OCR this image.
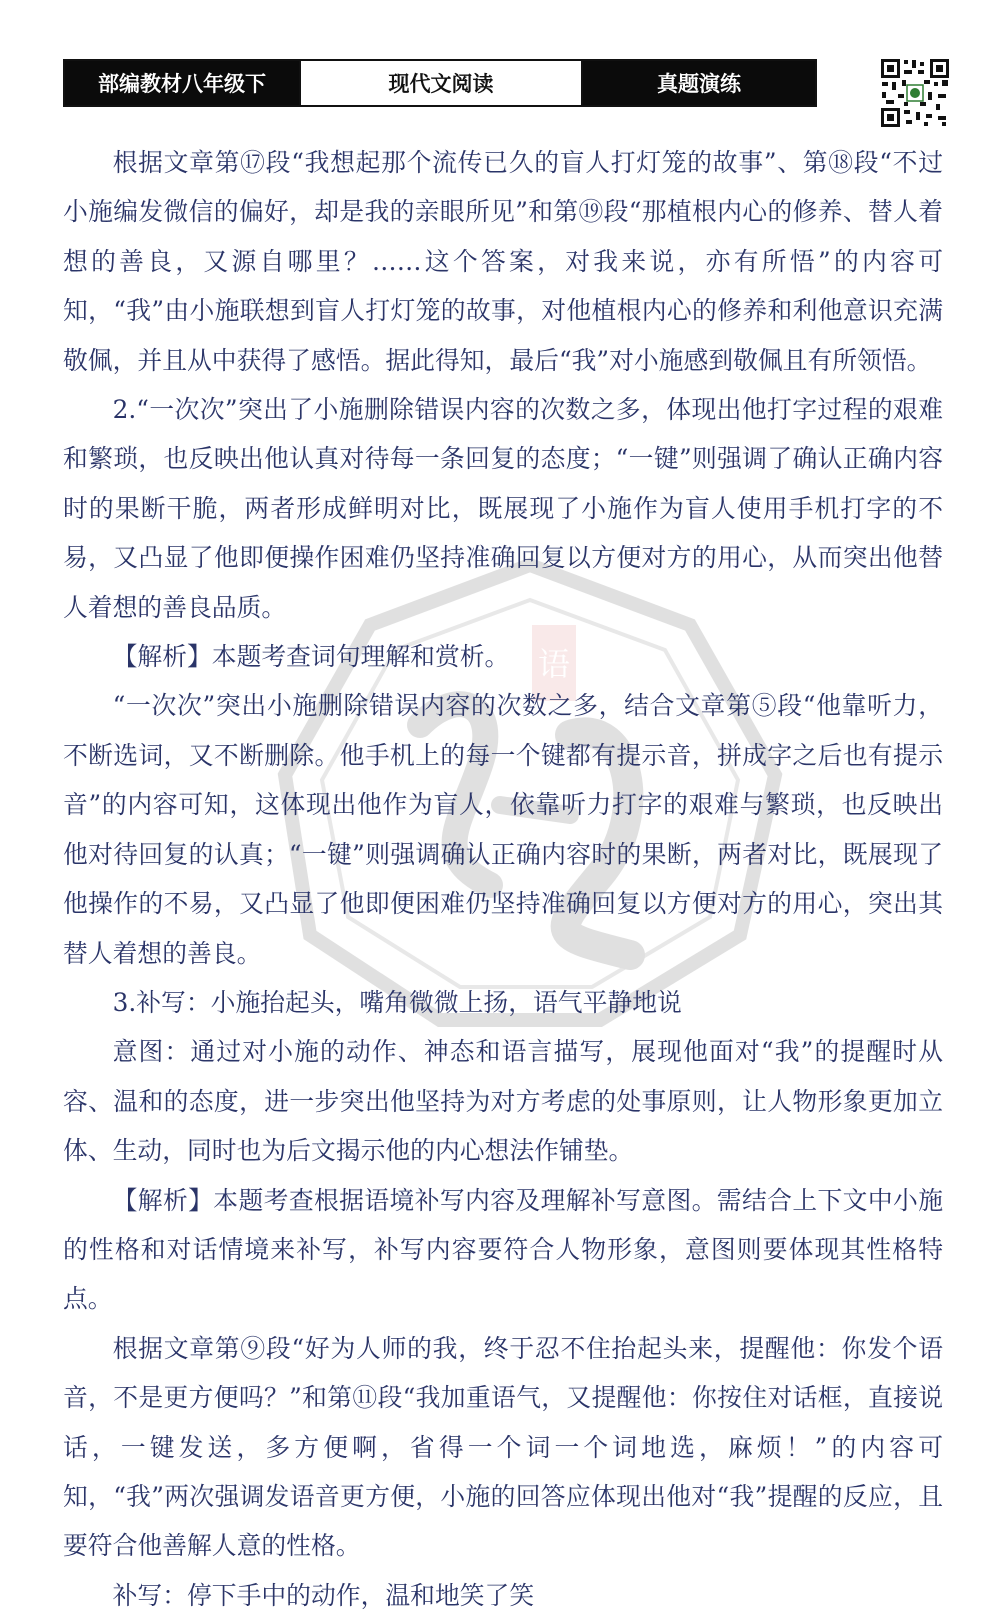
部编教材八年级下	现代文阅读	真题演练
语

根据文章第⑰段“我想起那个流传已久的盲人打灯笼的故事”、第⑱段“不过小施编发微信的偏好，却是我的亲眼所见”和第⑲段“那植根内心的修养、替人着想的善良，又源自哪里？……这个答案，对我来说，亦有所悟”的内容可知，“我”由小施联想到盲人打灯笼的故事，对他植根内心的修养和利他意识充满敬佩，并且从中获得了感悟。据此得知，最后“我”对小施感到敬佩且有所领悟。

2.“一次次”突出了小施删除错误内容的次数之多，体现出他打字过程的艰难和繁琐，也反映出他认真对待每一条回复的态度；“一键”则强调了确认正确内容时的果断干脆，两者形成鲜明对比，既展现了小施作为盲人使用手机打字的不易，又凸显了他即便操作困难仍坚持准确回复以方便对方的用心，从而突出他替人着想的善良品质。

【解析】本题考查词句理解和赏析。

“一次次”突出小施删除错误内容的次数之多，结合文章第⑤段“他靠听力，不断选词，又不断删除。他手机上的每一个键都有提示音，拼成字之后也有提示音”的内容可知，这体现出他作为盲人，依靠听力打字的艰难与繁琐，也反映出他对待回复的认真；“一键”则强调确认正确内容时的果断，两者对比，既展现了他操作的不易，又凸显了他即便困难仍坚持准确回复以方便对方的用心，突出其替人着想的善良。

3.补写：小施抬起头，嘴角微微上扬，语气平静地说

意图：通过对小施的动作、神态和语言描写，展现他面对“我”的提醒时从容、温和的态度，进一步突出他坚持为对方考虑的处事原则，让人物形象更加立体、生动，同时也为后文揭示他的内心想法作铺垫。

【解析】本题考查根据语境补写内容及理解补写意图。需结合上下文中小施的性格和对话情境来补写，补写内容要符合人物形象，意图则要体现其性格特点。

根据文章第⑨段“好为人师的我，终于忍不住抬起头来，提醒他：你发个语音，不是更方便吗？”和第⑪段“我加重语气，又提醒他：你按住对话框，直接说话，一键发送，多方便啊，省得一个词一个词地选，麻烦！”的内容可知，“我”两次强调发语音更方便，小施的回答应体现出他对“我”提醒的反应，且要符合他善解人意的性格。

补写：停下手中的动作，温和地笑了笑
